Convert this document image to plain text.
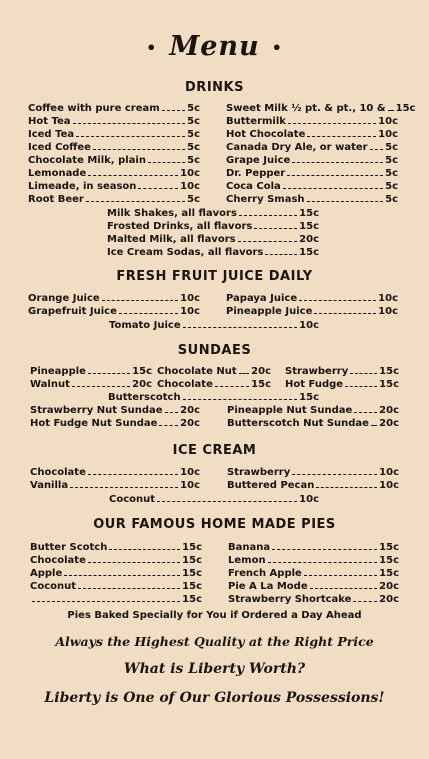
• Menu •
DRINKS
Coffee with pure cream	5c
Hot Tea	5c
Iced Tea	5c
Iced Coffee	5c
Chocolate Milk, plain	5c
Lemonade	10c
Limeade, in season	10c
Root Beer	5c
Sweet Milk ½ pt. & pt., 10 & 15c
Buttermilk	10c
Hot Chocolate	10c
Canada Dry Ale, or water 5c
Grape Juice	5c
Dr. Pepper	5c
Coca Cola	5c
Cherry Smash	5c
Milk Shakes, all flavors	15c
Frosted Drinks, all flavors	15c
Malted Milk, all flavors	20c
Ice Cream Sodas, all flavors	15c
FRESH FRUIT JUICE DAILY
Orange Juice	10c
Grapefruit Juice	10c
Papaya Juice	10c
Pineapple Juice	10c
Tomato Juice	10c
SUNDAES
Pineapple	15c Chocolate Nut 20c Strawberry	15c
Walnut	20c Chocolate	15c Hot Fudge	15c
Butterscotch	15c
Strawberry Nut Sundae 20c
Hot Fudge Nut Sundae 20c
Pineapple Nut Sundae	20c
Butterscotch Nut Sundae 20c
ICE CREAM
Chocolate	10c
Vanilla	10c
Strawberry	10c
Buttered Pecan	10c
Coconut	10c
OUR FAMOUS HOME MADE PIES
Butter Scotch	15c
Chocolate	15c
Apple	15c
Coconut	15c
15c
Banana	15c
Lemon	15c
French Apple	15c
Pie A La Mode	20c
Strawberry Shortcake	20c
Pies Baked Specially for You if Ordered a Day Ahead
Always the Highest Quality at the Right Price
What is Liberty Worth?
Liberty is One of Our Glorious Possessions!
